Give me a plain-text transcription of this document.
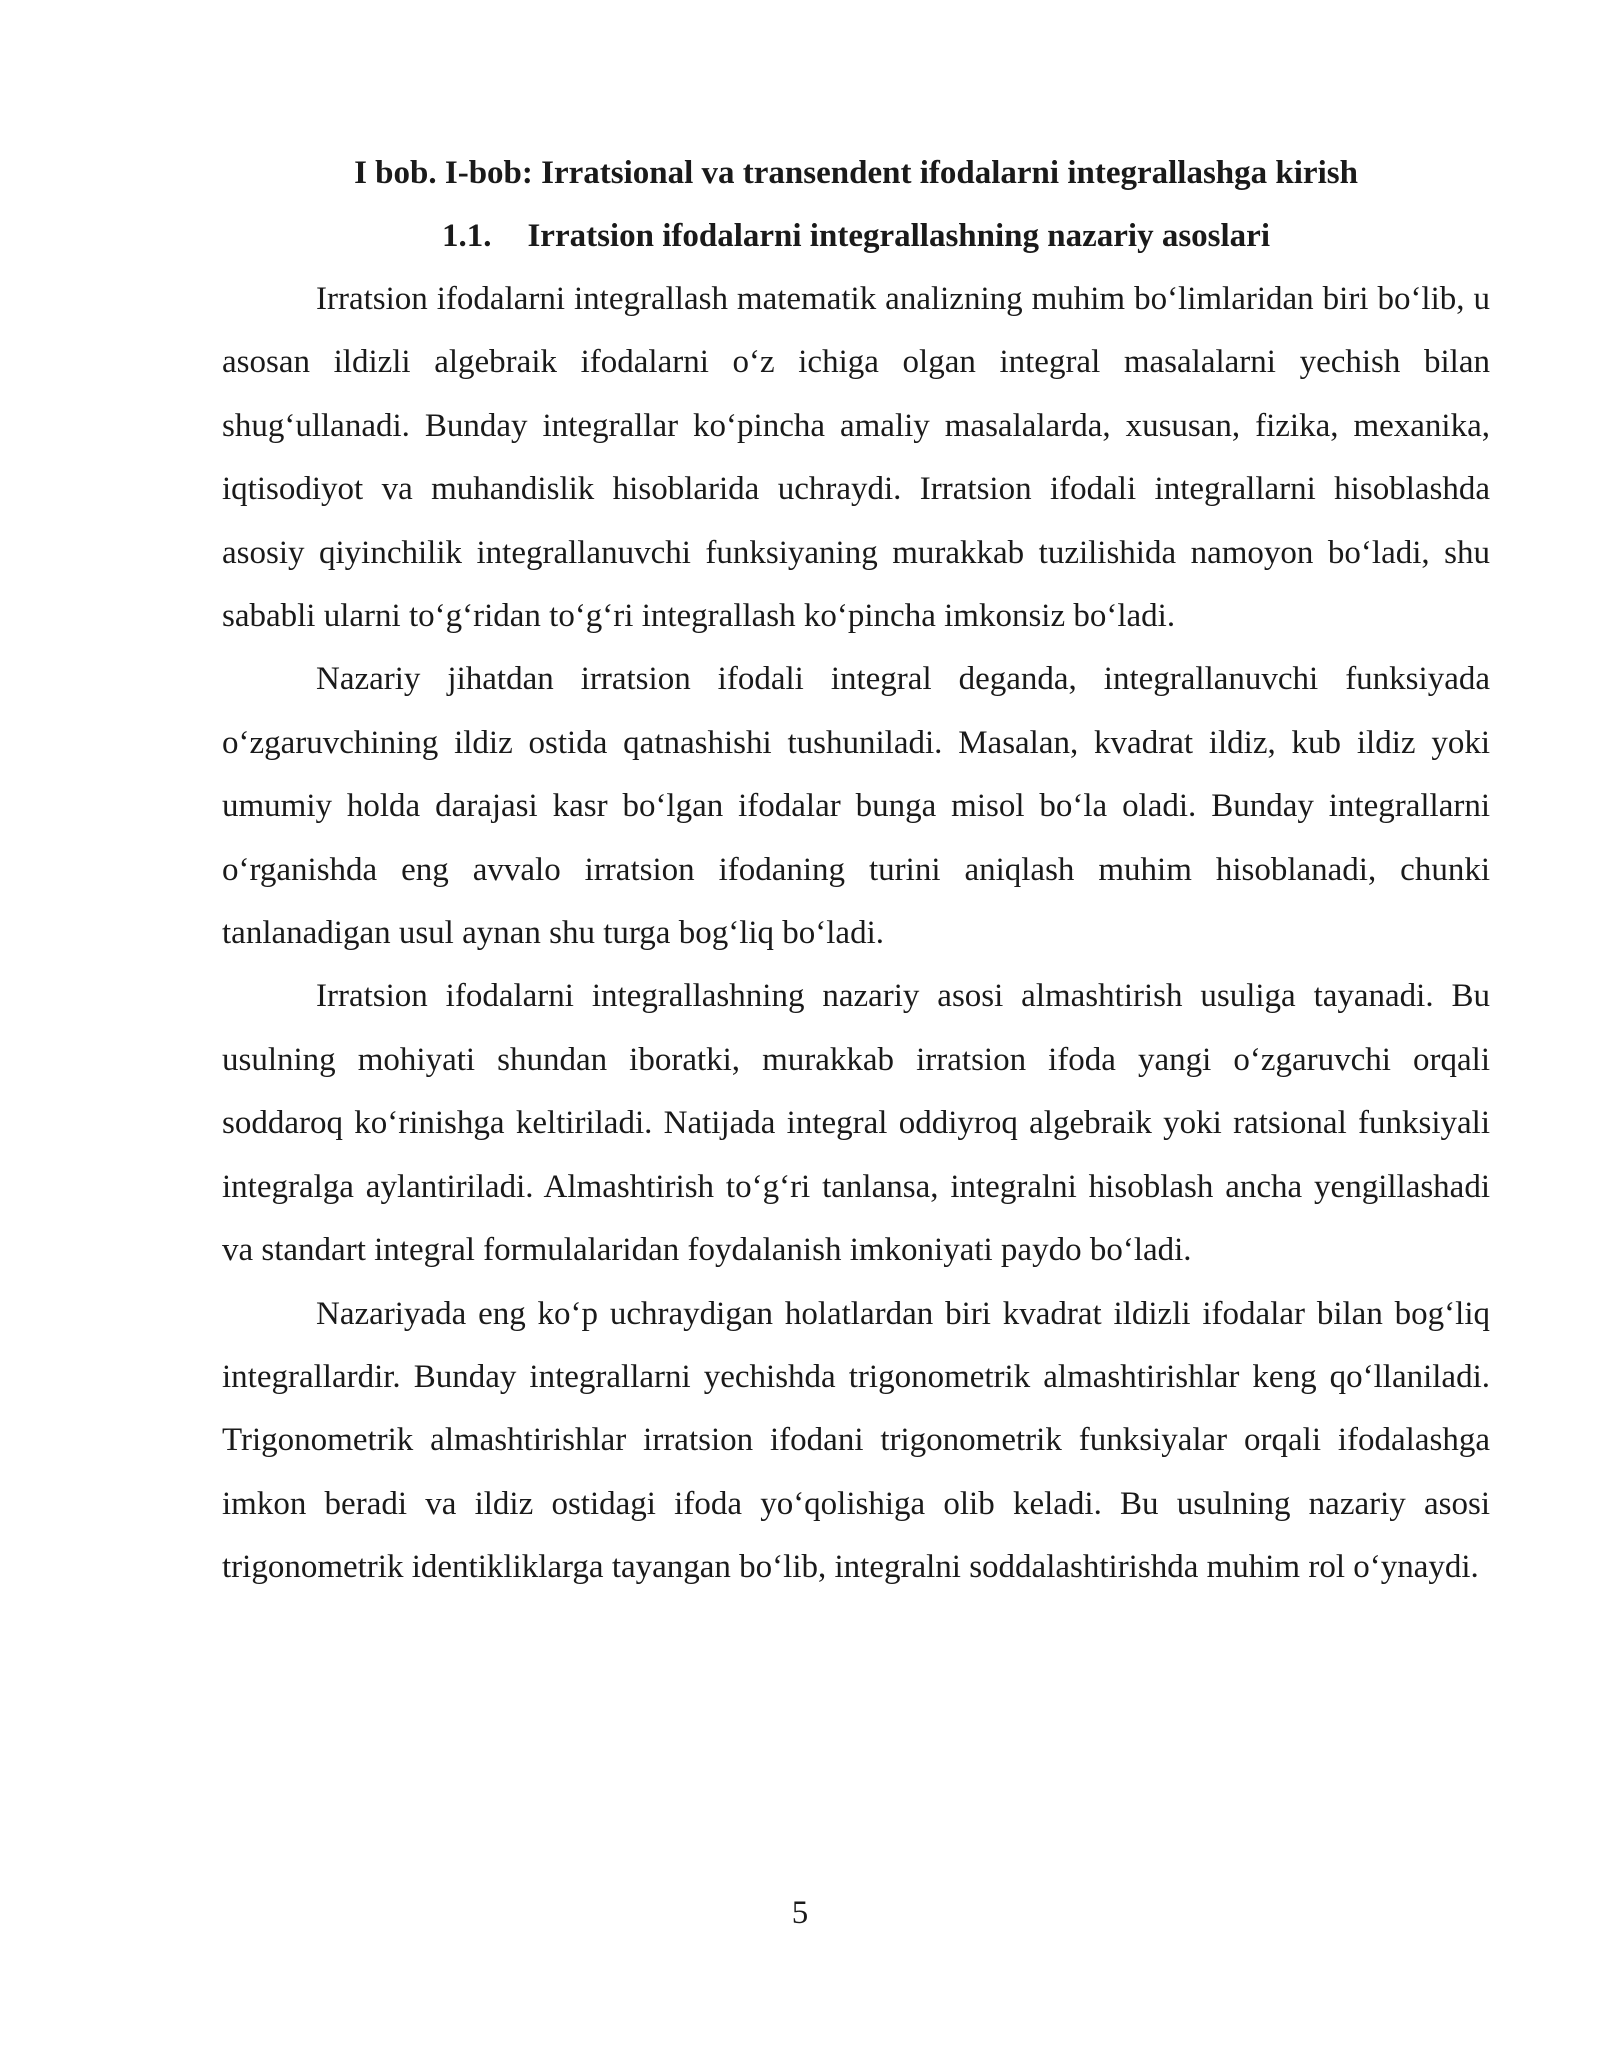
I bob. I-bob: Irratsional va transendent ifodalarni integrallashga kirish
1.1. Irratsion ifodalarni integrallashning nazariy asoslari

Irratsion ifodalarni integrallash matematik analizning muhim boʻlimlaridan biri boʻlib, u asosan ildizli algebraik ifodalarni oʻz ichiga olgan integral masalalarni yechish bilan shugʻullanadi. Bunday integrallar koʻpincha amaliy masalalarda, xususan, fizika, mexanika, iqtisodiyot va muhandislik hisoblarida uchraydi. Irratsion ifodali integrallarni hisoblashda asosiy qiyinchilik integrallanuvchi funksiyaning murakkab tuzilishida namoyon boʻladi, shu sababli ularni toʻgʻridan toʻgʻri integrallash koʻpincha imkonsiz boʻladi.

Nazariy jihatdan irratsion ifodali integral deganda, integrallanuvchi funksiyada oʻzgaruvchining ildiz ostida qatnashishi tushuniladi. Masalan, kvadrat ildiz, kub ildiz yoki umumiy holda darajasi kasr boʻlgan ifodalar bunga misol boʻla oladi. Bunday integrallarni oʻrganishda eng avvalo irratsion ifodaning turini aniqlash muhim hisoblanadi, chunki tanlanadigan usul aynan shu turga bogʻliq boʻladi.

Irratsion ifodalarni integrallashning nazariy asosi almashtirish usuliga tayanadi. Bu usulning mohiyati shundan iboratki, murakkab irratsion ifoda yangi oʻzgaruvchi orqali soddaroq koʻrinishga keltiriladi. Natijada integral oddiyroq algebraik yoki ratsional funksiyali integralga aylantiriladi. Almashtirish toʻgʻri tanlansa, integralni hisoblash ancha yengillashadi va standart integral formulalaridan foydalanish imkoniyati paydo boʻladi.

Nazariyada eng koʻp uchraydigan holatlardan biri kvadrat ildizli ifodalar bilan bogʻliq integrallardir. Bunday integrallarni yechishda trigonometrik almashtirishlar keng qoʻllaniladi. Trigonometrik almashtirishlar irratsion ifodani trigonometrik funksiyalar orqali ifodalashga imkon beradi va ildiz ostidagi ifoda yoʻqolishiga olib keladi. Bu usulning nazariy asosi trigonometrik identikliklarga tayangan boʻlib, integralni soddalashtirishda muhim rol oʻynaydi.

5
